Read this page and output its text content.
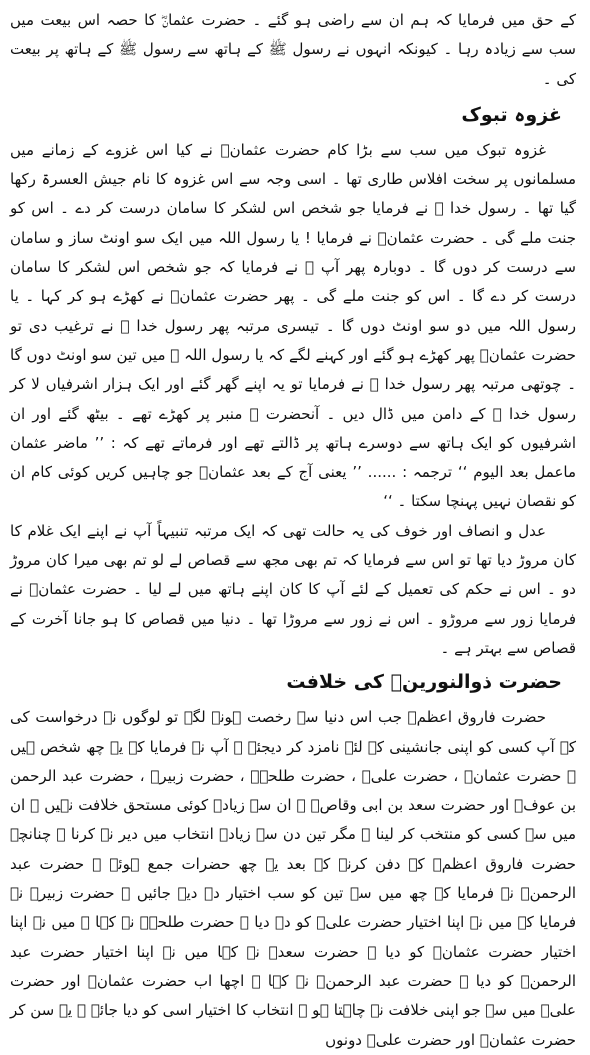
کے حق میں فرمایا کہ ہم ان سے راضی ہو گئے ۔ حضرت عثمانؓ کا حصہ اس بیعت میں سب سے زیادہ رہا ۔ کیونکہ انہوں نے رسول ﷺ کے ہاتھ سے رسول ﷺ کے ہاتھ پر بیعت کی ۔

غزوہ تبوک

غزوہ تبوک میں سب سے بڑا کام حضرت عثمانؓ نے کیا اس غزوے کے زمانے میں مسلمانوں پر سخت افلاس طاری تھا ۔ اسی وجہ سے اس غزوہ کا نام جیش العسرۃ رکھا گیا تھا ۔ رسول خدا ﷺ نے فرمایا جو شخص اس لشکر کا سامان درست کر دے ۔ اس کو جنت ملے گی ۔ حضرت عثمانؓ نے فرمایا ! یا رسول اللہ میں ایک سو اونٹ ساز و سامان سے درست کر دوں گا ۔ دوبارہ پھر آپ ﷺ نے فرمایا کہ جو شخص اس لشکر کا سامان درست کر دے گا ۔ اس کو جنت ملے گی ۔ پھر حضرت عثمانؓ نے کھڑے ہو کر کہا ۔ یا رسول اللہ میں دو سو اونٹ دوں گا ۔ تیسری مرتبہ پھر رسول خدا ﷺ نے ترغیب دی تو حضرت عثمانؓ پھر کھڑے ہو گئے اور کہنے لگے کہ یا رسول اللہ ﷺ میں تین سو اونٹ دوں گا ۔ چوتھی مرتبہ پھر رسول خدا ﷺ نے فرمایا تو یہ اپنے گھر گئے اور ایک ہزار اشرفیاں لا کر رسول خدا ﷺ کے دامن میں ڈال دیں ۔ آنحضرت ﷺ منبر پر کھڑے تھے ۔ بیٹھ گئے اور ان اشرفیوں کو ایک ہاتھ سے دوسرے ہاتھ پر ڈالتے تھے اور فرماتے تھے کہ : ’’ ماضر عثمان ماعمل بعد الیوم ‘‘ ترجمہ : ...... ’’ یعنی آج کے بعد عثمانؓ جو چاہیں کریں کوئی کام ان کو نقصان نہیں پہنچا سکتا ۔ ‘‘

عدل و انصاف اور خوف کی یہ حالت تھی کہ ایک مرتبہ تنبیہاً آپ نے اپنے ایک غلام کا کان مروڑ دیا تھا تو اس سے فرمایا کہ تم بھی مجھ سے قصاص لے لو تم بھی میرا کان مروڑ دو ۔ اس نے حکم کی تعمیل کے لئے آپ کا کان اپنے ہاتھ میں لے لیا ۔ حضرت عثمانؓ نے فرمایا زور سے مروڑو ۔ اس نے زور سے مروڑا تھا ۔ دنیا میں قصاص کا ہو جانا آخرت کے قصاص سے بہتر ہے ۔

حضرت ذوالنورینؓ کی خلافت

حضرت فاروق اعظمؓ جب اس دنیا سے رخصت ہونے لگے تو لوگوں نے درخواست کی کہ آپ کسی کو اپنی جانشینی کے لئے نامزد کر دیجئے ۔ آپ نے فرمایا کہ یہ چھ شخص ہیں ۔ حضرت عثمانؓ ، حضرت علیؓ ، حضرت طلحہؓ ، حضرت زبیرؓ ، حضرت عبد الرحمن بن عوفؓ اور حضرت سعد بن ابی وقاصؓ ۔ ان سے زیادہ کوئی مستحق خلافت نہیں ۔ ان میں سے کسی کو منتخب کر لینا ۔ مگر تین دن سے زیادہ انتخاب میں دیر نہ کرنا ۔ چنانچہ حضرت فاروق اعظمؓ کے دفن کرنے کے بعد یہ چھ حضرات جمع ہوئے ۔ حضرت عبد الرحمنؓ نے فرمایا کہ چھ میں سے تین کو سب اختیار دے دیے جائیں ۔ حضرت زبیرؓ نے فرمایا کہ میں نے اپنا اختیار حضرت علیؓ کو دے دیا ۔ حضرت طلحہؓ نے کہا ۔ میں نے اپنا اختیار حضرت عثمانؓ کو دیا ۔ حضرت سعدؓ نے کہا میں نے اپنا اختیار حضرت عبد الرحمنؓ کو دیا ۔ حضرت عبد الرحمنؓ نے کہا ۔ اچھا اب حضرت عثمانؓ اور حضرت علیؓ میں سے جو اپنی خلافت نہ چاہتا ہو ۔ انتخاب کا اختیار اسی کو دیا جائے ۔ یہ سن کر حضرت عثمانؓ اور حضرت علیؓ دونوں
